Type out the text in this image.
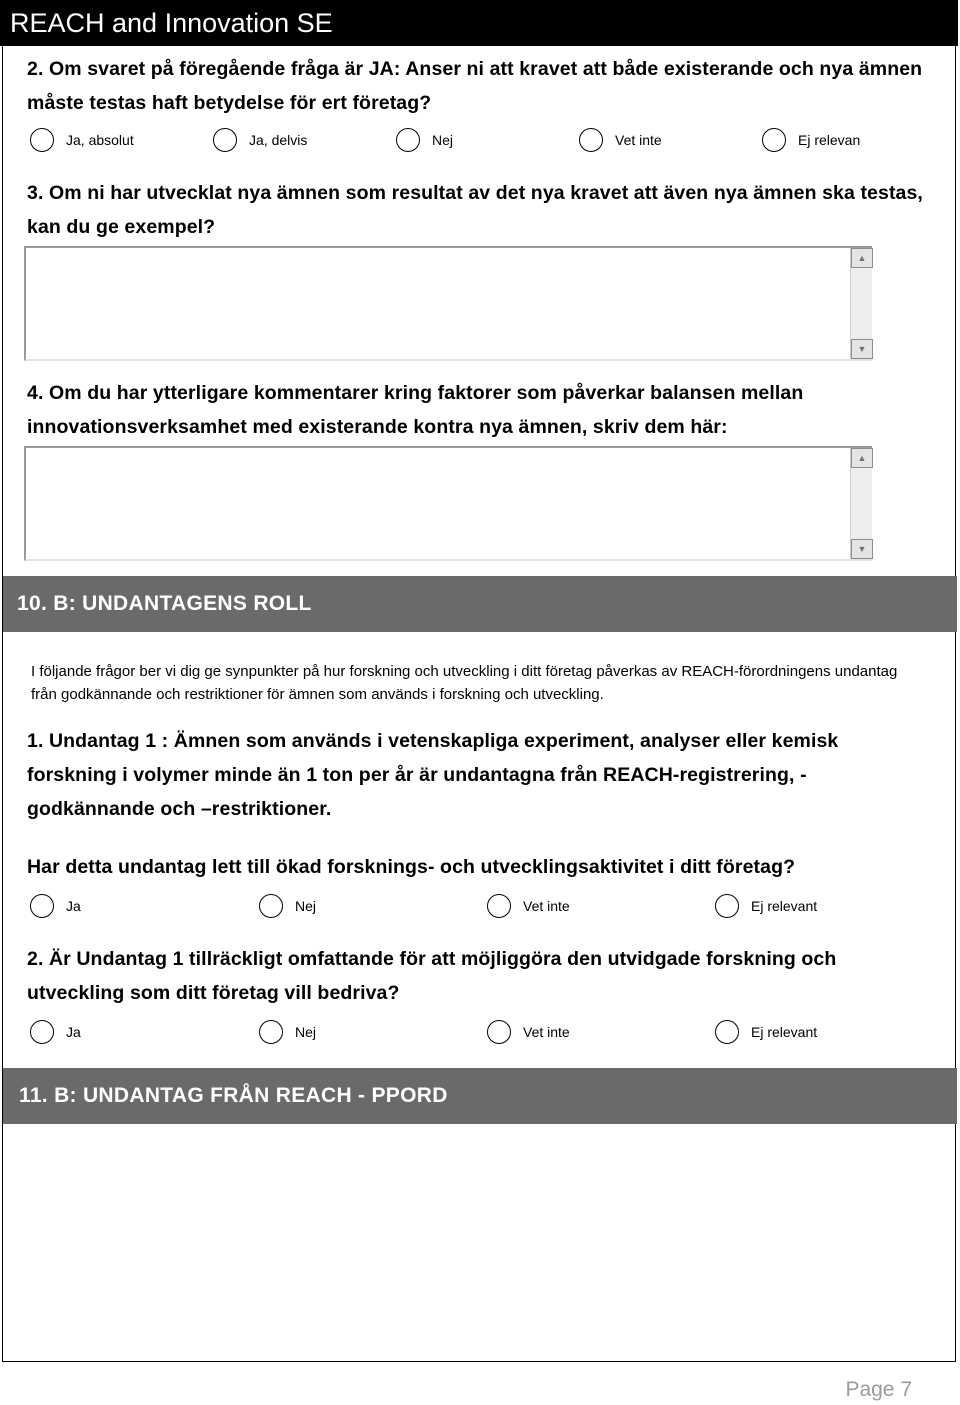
REACH and Innovation SE

2. Om svaret på föregående fråga är JA: Anser ni att kravet att både existerande och nya ämnen måste testas haft betydelse för ert företag?

Ja, absolut	Ja, delvis	Nej	Vet inte	Ej relevan

3. Om ni har utvecklat nya ämnen som resultat av det nya kravet att även nya ämnen ska testas, kan du ge exempel?

▲
▼

4. Om du har ytterligare kommentarer kring faktorer som påverkar balansen mellan innovationsverksamhet med existerande kontra nya ämnen, skriv dem här:

▲
▼
10. B: UNDANTAGENS ROLL

I följande frågor ber vi dig ge synpunkter på hur forskning och utveckling i ditt företag påverkas av REACH-förordningens undantag från godkännande och restriktioner för ämnen som används i forskning och utveckling.

1. Undantag 1 : Ämnen som används i vetenskapliga experiment, analyser eller kemisk forskning i volymer minde än 1 ton per år är undantagna från REACH-registrering, -godkännande och –restriktioner.

Har detta undantag lett till ökad forsknings- och utvecklingsaktivitet i ditt företag?

Ja	Nej	Vet inte	Ej relevant

2. Är Undantag 1 tillräckligt omfattande för att möjliggöra den utvidgade forskning och utveckling som ditt företag vill bedriva?

Ja	Nej	Vet inte	Ej relevant
11. B: UNDANTAG FRÅN REACH - PPORD
Page 7
